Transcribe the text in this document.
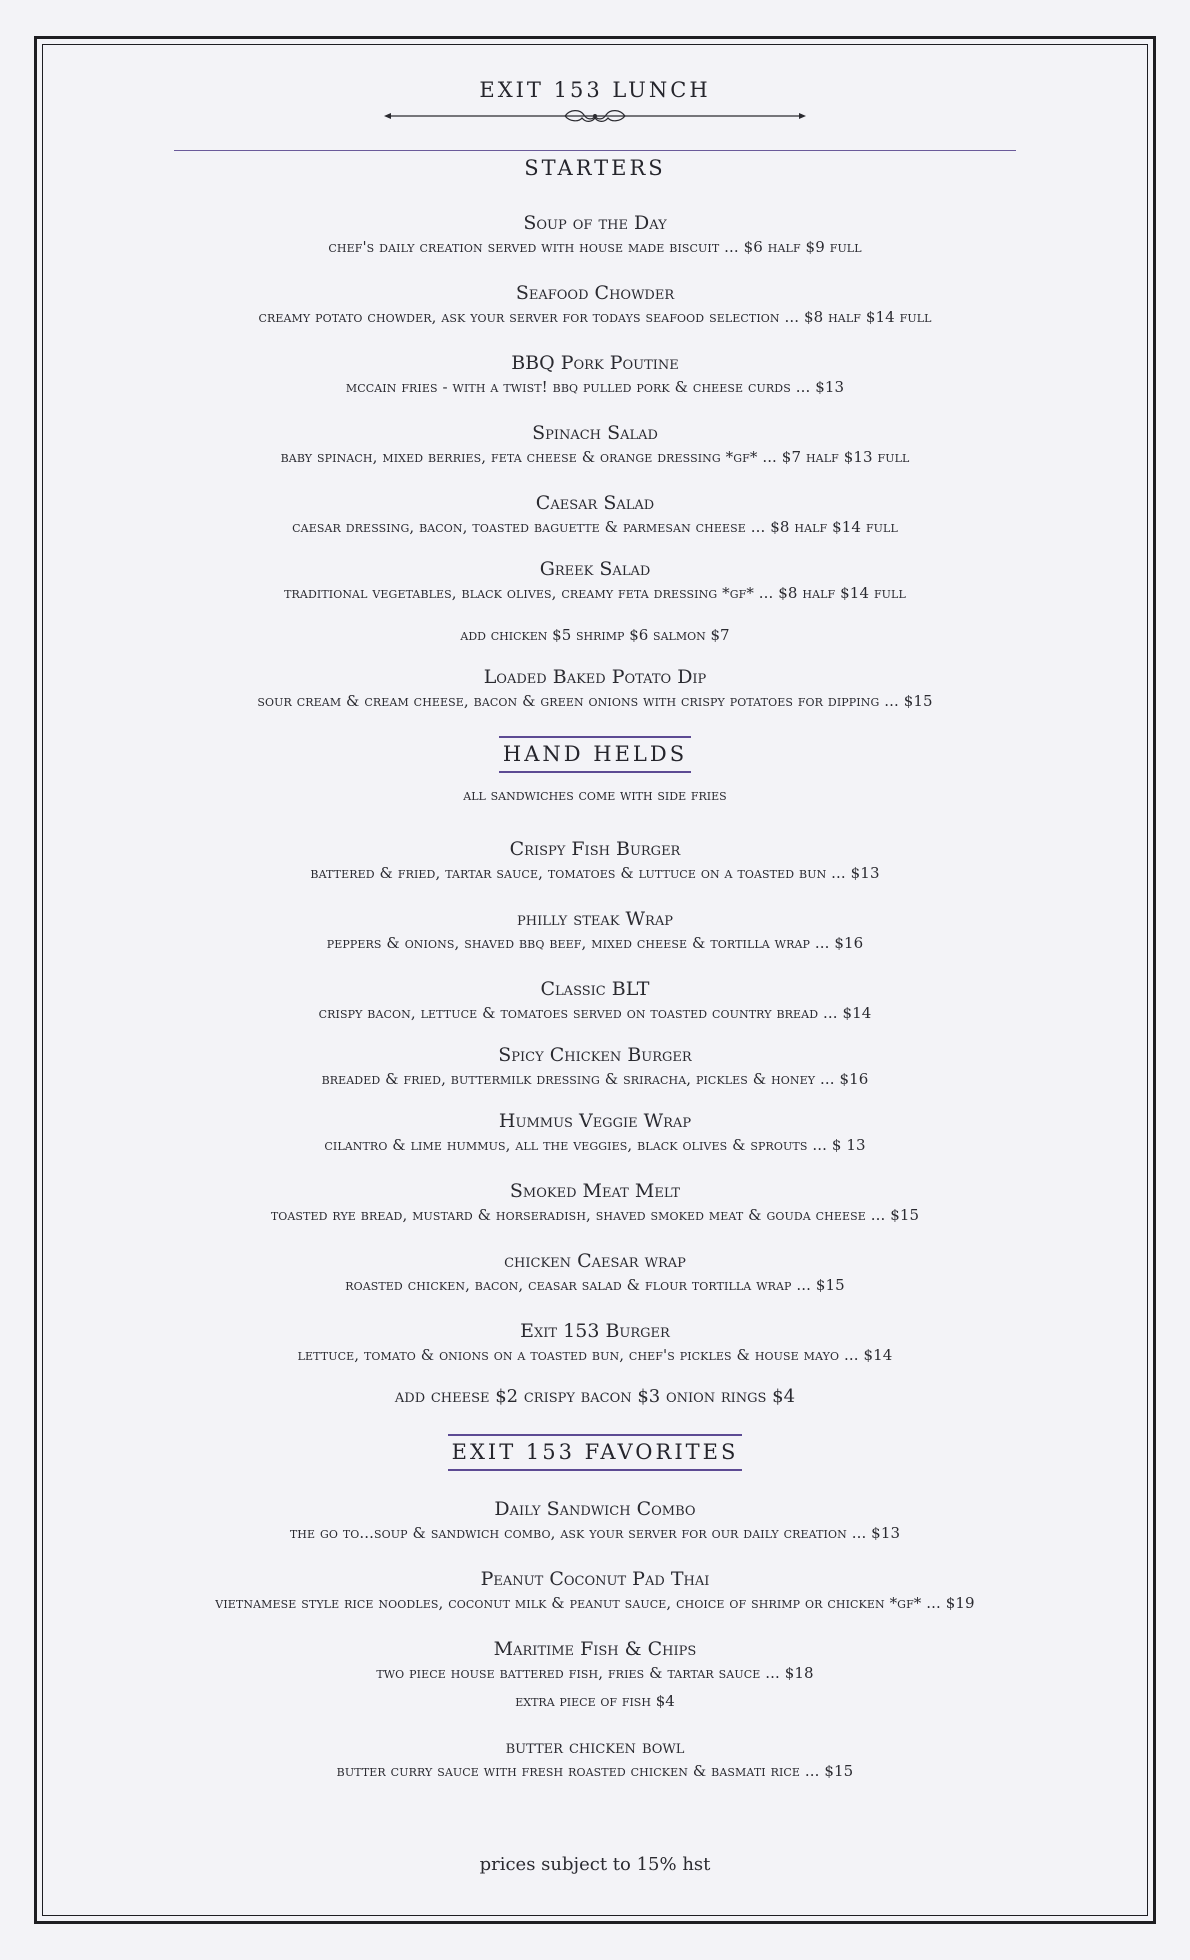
EXIT 153 LUNCH
STARTERS
Soup of the Day
chef's daily creation served with house made biscuit ... $6 half $9 full
Seafood Chowder
creamy potato chowder, ask your server for todays seafood selection ... $8 half $14 full
BBQ Pork Poutine
mccain fries - with a twist! bbq pulled pork & cheese curds ... $13
Spinach Salad
baby spinach, mixed berries, feta cheese & orange dressing *gf* ... $7 half $13 full
Caesar Salad
caesar dressing, bacon, toasted baguette & parmesan cheese ... $8 half $14 full
Greek Salad
traditional vegetables, black olives, creamy feta dressing *gf* ... $8 half $14 full
add chicken $5 shrimp $6 salmon $7
Loaded Baked Potato Dip
sour cream & cream cheese, bacon & green onions with crispy potatoes for dipping ... $15
HAND HELDS
all sandwiches come with side fries
Crispy Fish Burger
battered & fried, tartar sauce, tomatoes & luttuce on a toasted bun ... $13
philly steak Wrap
peppers & onions, shaved bbq beef, mixed cheese & tortilla wrap ... $16
Classic BLT
crispy bacon, lettuce & tomatoes served on toasted country bread ... $14
Spicy Chicken Burger
breaded & fried, buttermilk dressing & sriracha, pickles & honey ... $16
Hummus Veggie Wrap
cilantro & lime hummus, all the veggies, black olives & sprouts ... $ 13
Smoked Meat Melt
toasted rye bread, mustard & horseradish, shaved smoked meat & gouda cheese ... $15
chicken Caesar wrap
roasted chicken, bacon, ceasar salad & flour tortilla wrap ... $15
Exit 153 Burger
lettuce, tomato & onions on a toasted bun, chef's pickles & house mayo ... $14
add cheese $2 crispy bacon $3 onion rings $4
EXIT 153 FAVORITES
Daily Sandwich Combo
the go to...soup & sandwich combo, ask your server for our daily creation ... $13
Peanut Coconut Pad Thai
vietnamese style rice noodles, coconut milk & peanut sauce, choice of shrimp or chicken *gf* ... $19
Maritime Fish & Chips
two piece house battered fish, fries & tartar sauce ... $18
extra piece of fish $4
butter chicken bowl
butter curry sauce with fresh roasted chicken & basmati rice ... $15
prices subject to 15% hst
